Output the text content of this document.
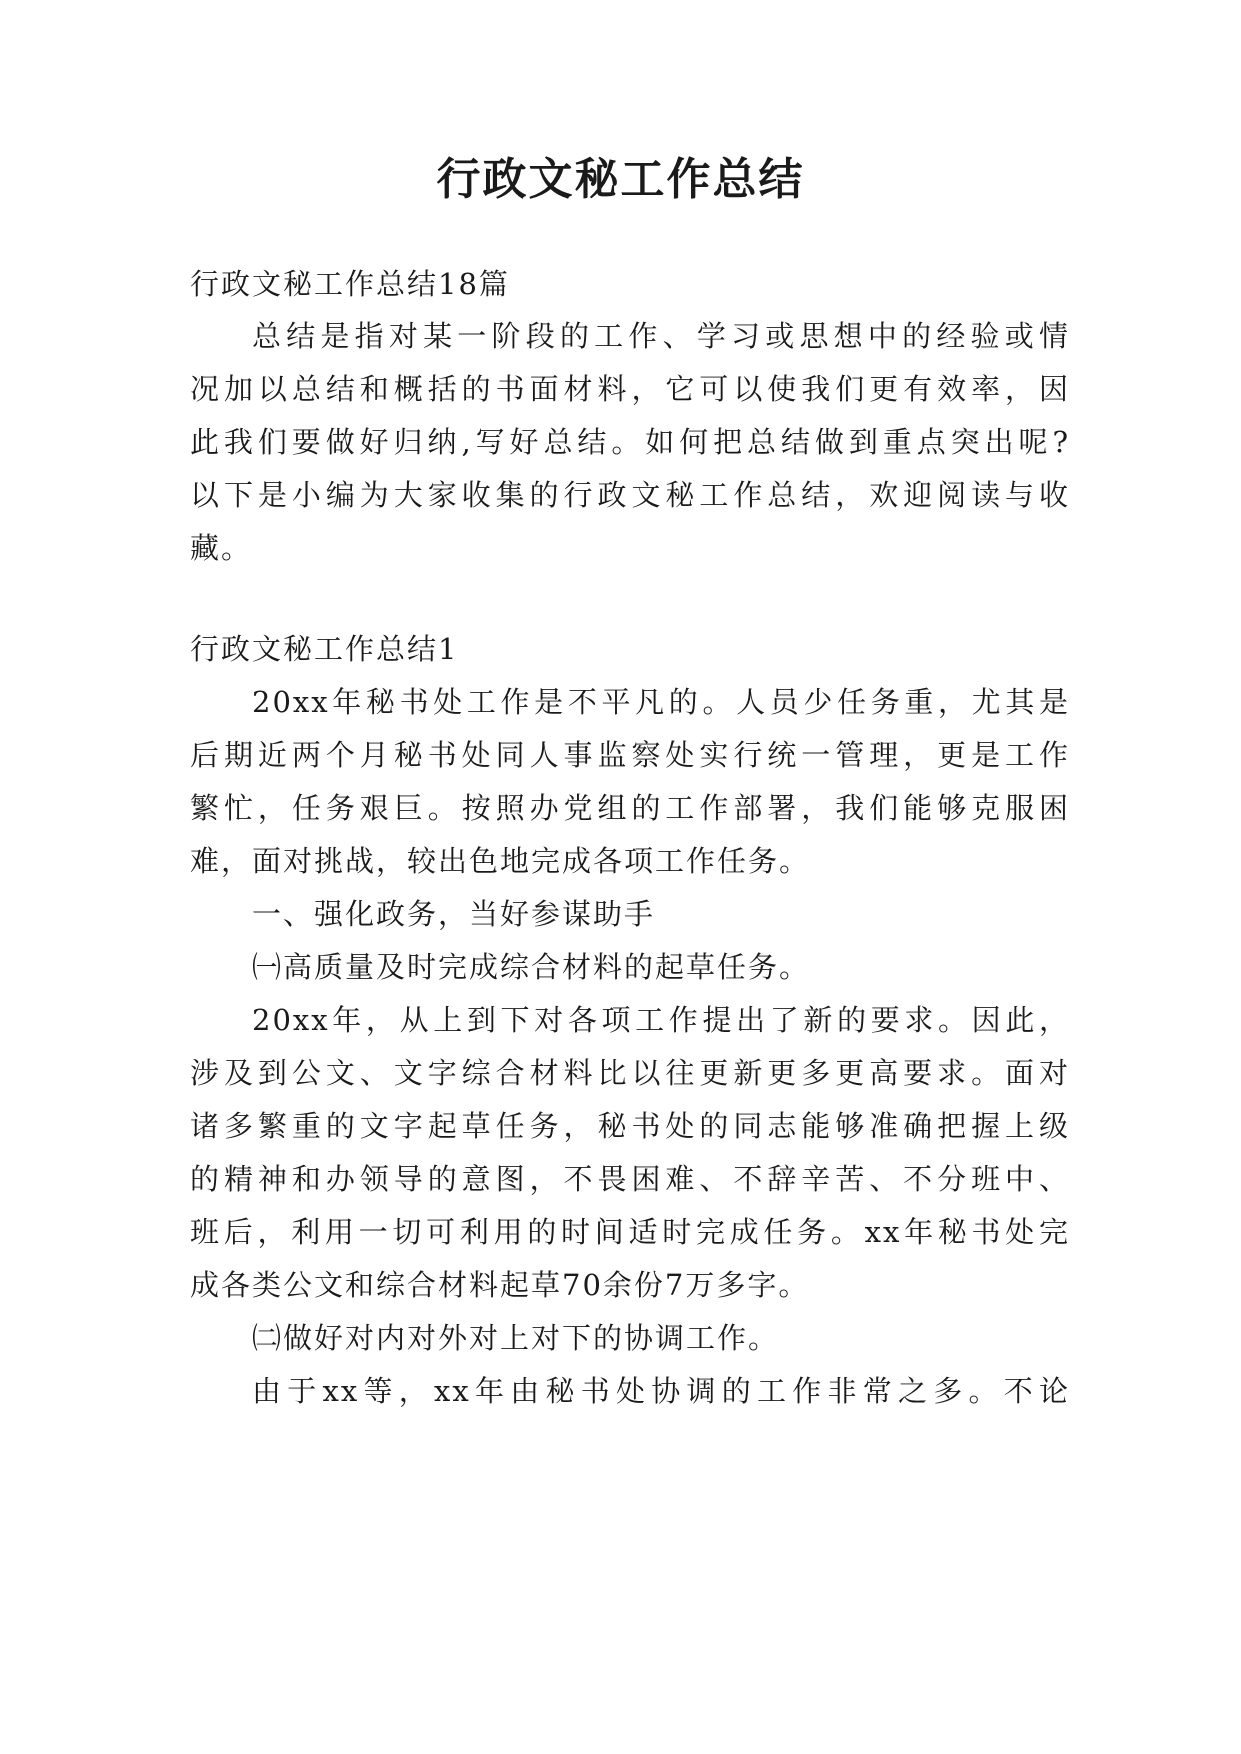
行政文秘工作总结
行政文秘工作总结18篇
总结是指对某一阶段的工作、学习或思想中的经验或情
况加以总结和概括的书面材料，它可以使我们更有效率，因
此我们要做好归纳,写好总结。如何把总结做到重点突出呢?
以下是小编为大家收集的行政文秘工作总结，欢迎阅读与收
藏。
行政文秘工作总结1
20xx年秘书处工作是不平凡的。人员少任务重，尤其是
后期近两个月秘书处同人事监察处实行统一管理，更是工作
繁忙，任务艰巨。按照办党组的工作部署，我们能够克服困
难，面对挑战，较出色地完成各项工作任务。
一、强化政务，当好参谋助手
㈠高质量及时完成综合材料的起草任务。
20xx年，从上到下对各项工作提出了新的要求。因此，
涉及到公文、文字综合材料比以往更新更多更高要求。面对
诸多繁重的文字起草任务，秘书处的同志能够准确把握上级
的精神和办领导的意图，不畏困难、不辞辛苦、不分班中、
班后，利用一切可利用的时间适时完成任务。xx年秘书处完
成各类公文和综合材料起草70余份7万多字。
㈡做好对内对外对上对下的协调工作。
由于xx等，xx年由秘书处协调的工作非常之多。不论
